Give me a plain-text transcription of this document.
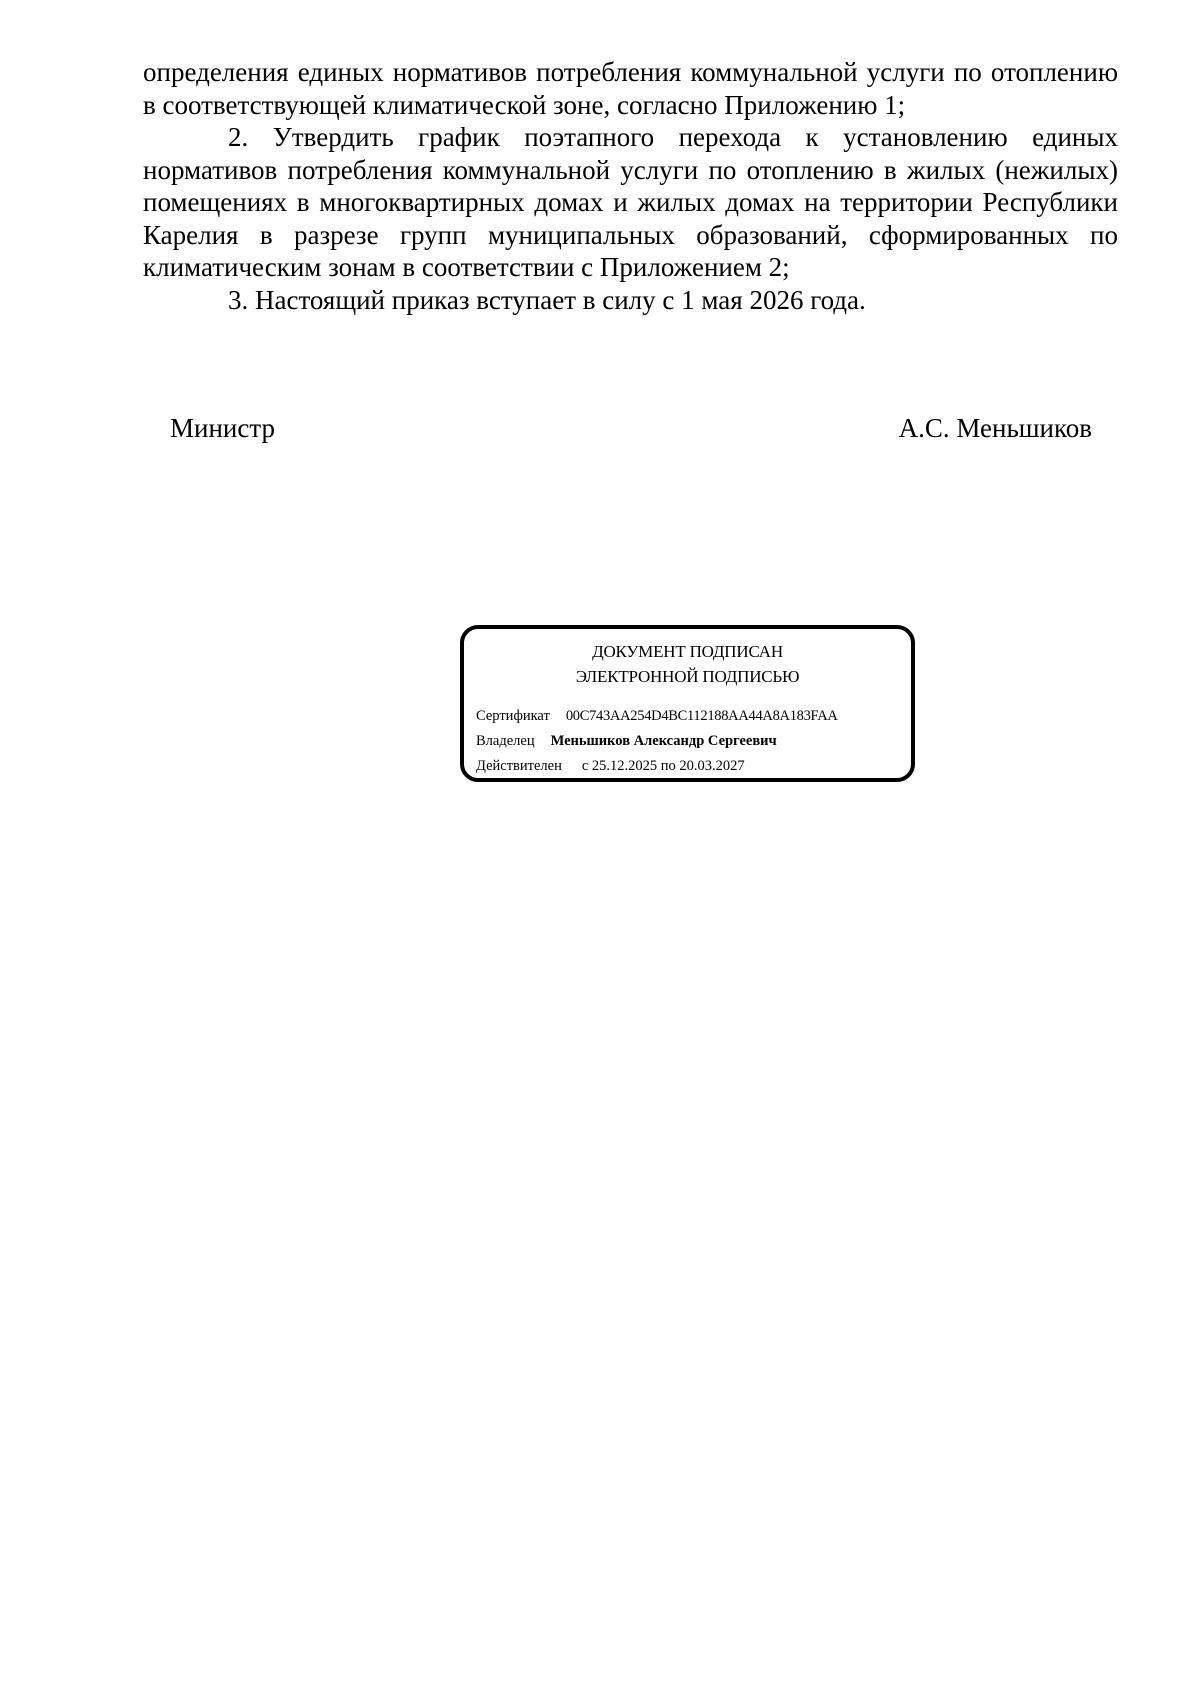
определения единых нормативов потребления коммунальной услуги по отоплению в соответствующей климатической зоне, согласно Приложению 1;

2. Утвердить график поэтапного перехода к установлению единых нормативов потребления коммунальной услуги по отоплению в жилых (нежилых) помещениях в многоквартирных домах и жилых домах на территории Республики Карелия в разрезе групп муниципальных образований, сформированных по климатическим зонам в соответствии с Приложением 2;

3. Настоящий приказ вступает в силу с 1 мая 2026 года.

Министр	А.С. Меньшиков
ДОКУМЕНТ ПОДПИСАН
ЭЛЕКТРОННОЙ ПОДПИСЬЮ
Сертификат 00C743AA254D4BC112188AA44A8A183FAA
Владелец Меньшиков Александр Сергеевич
Действителен с 25.12.2025 по 20.03.2027
